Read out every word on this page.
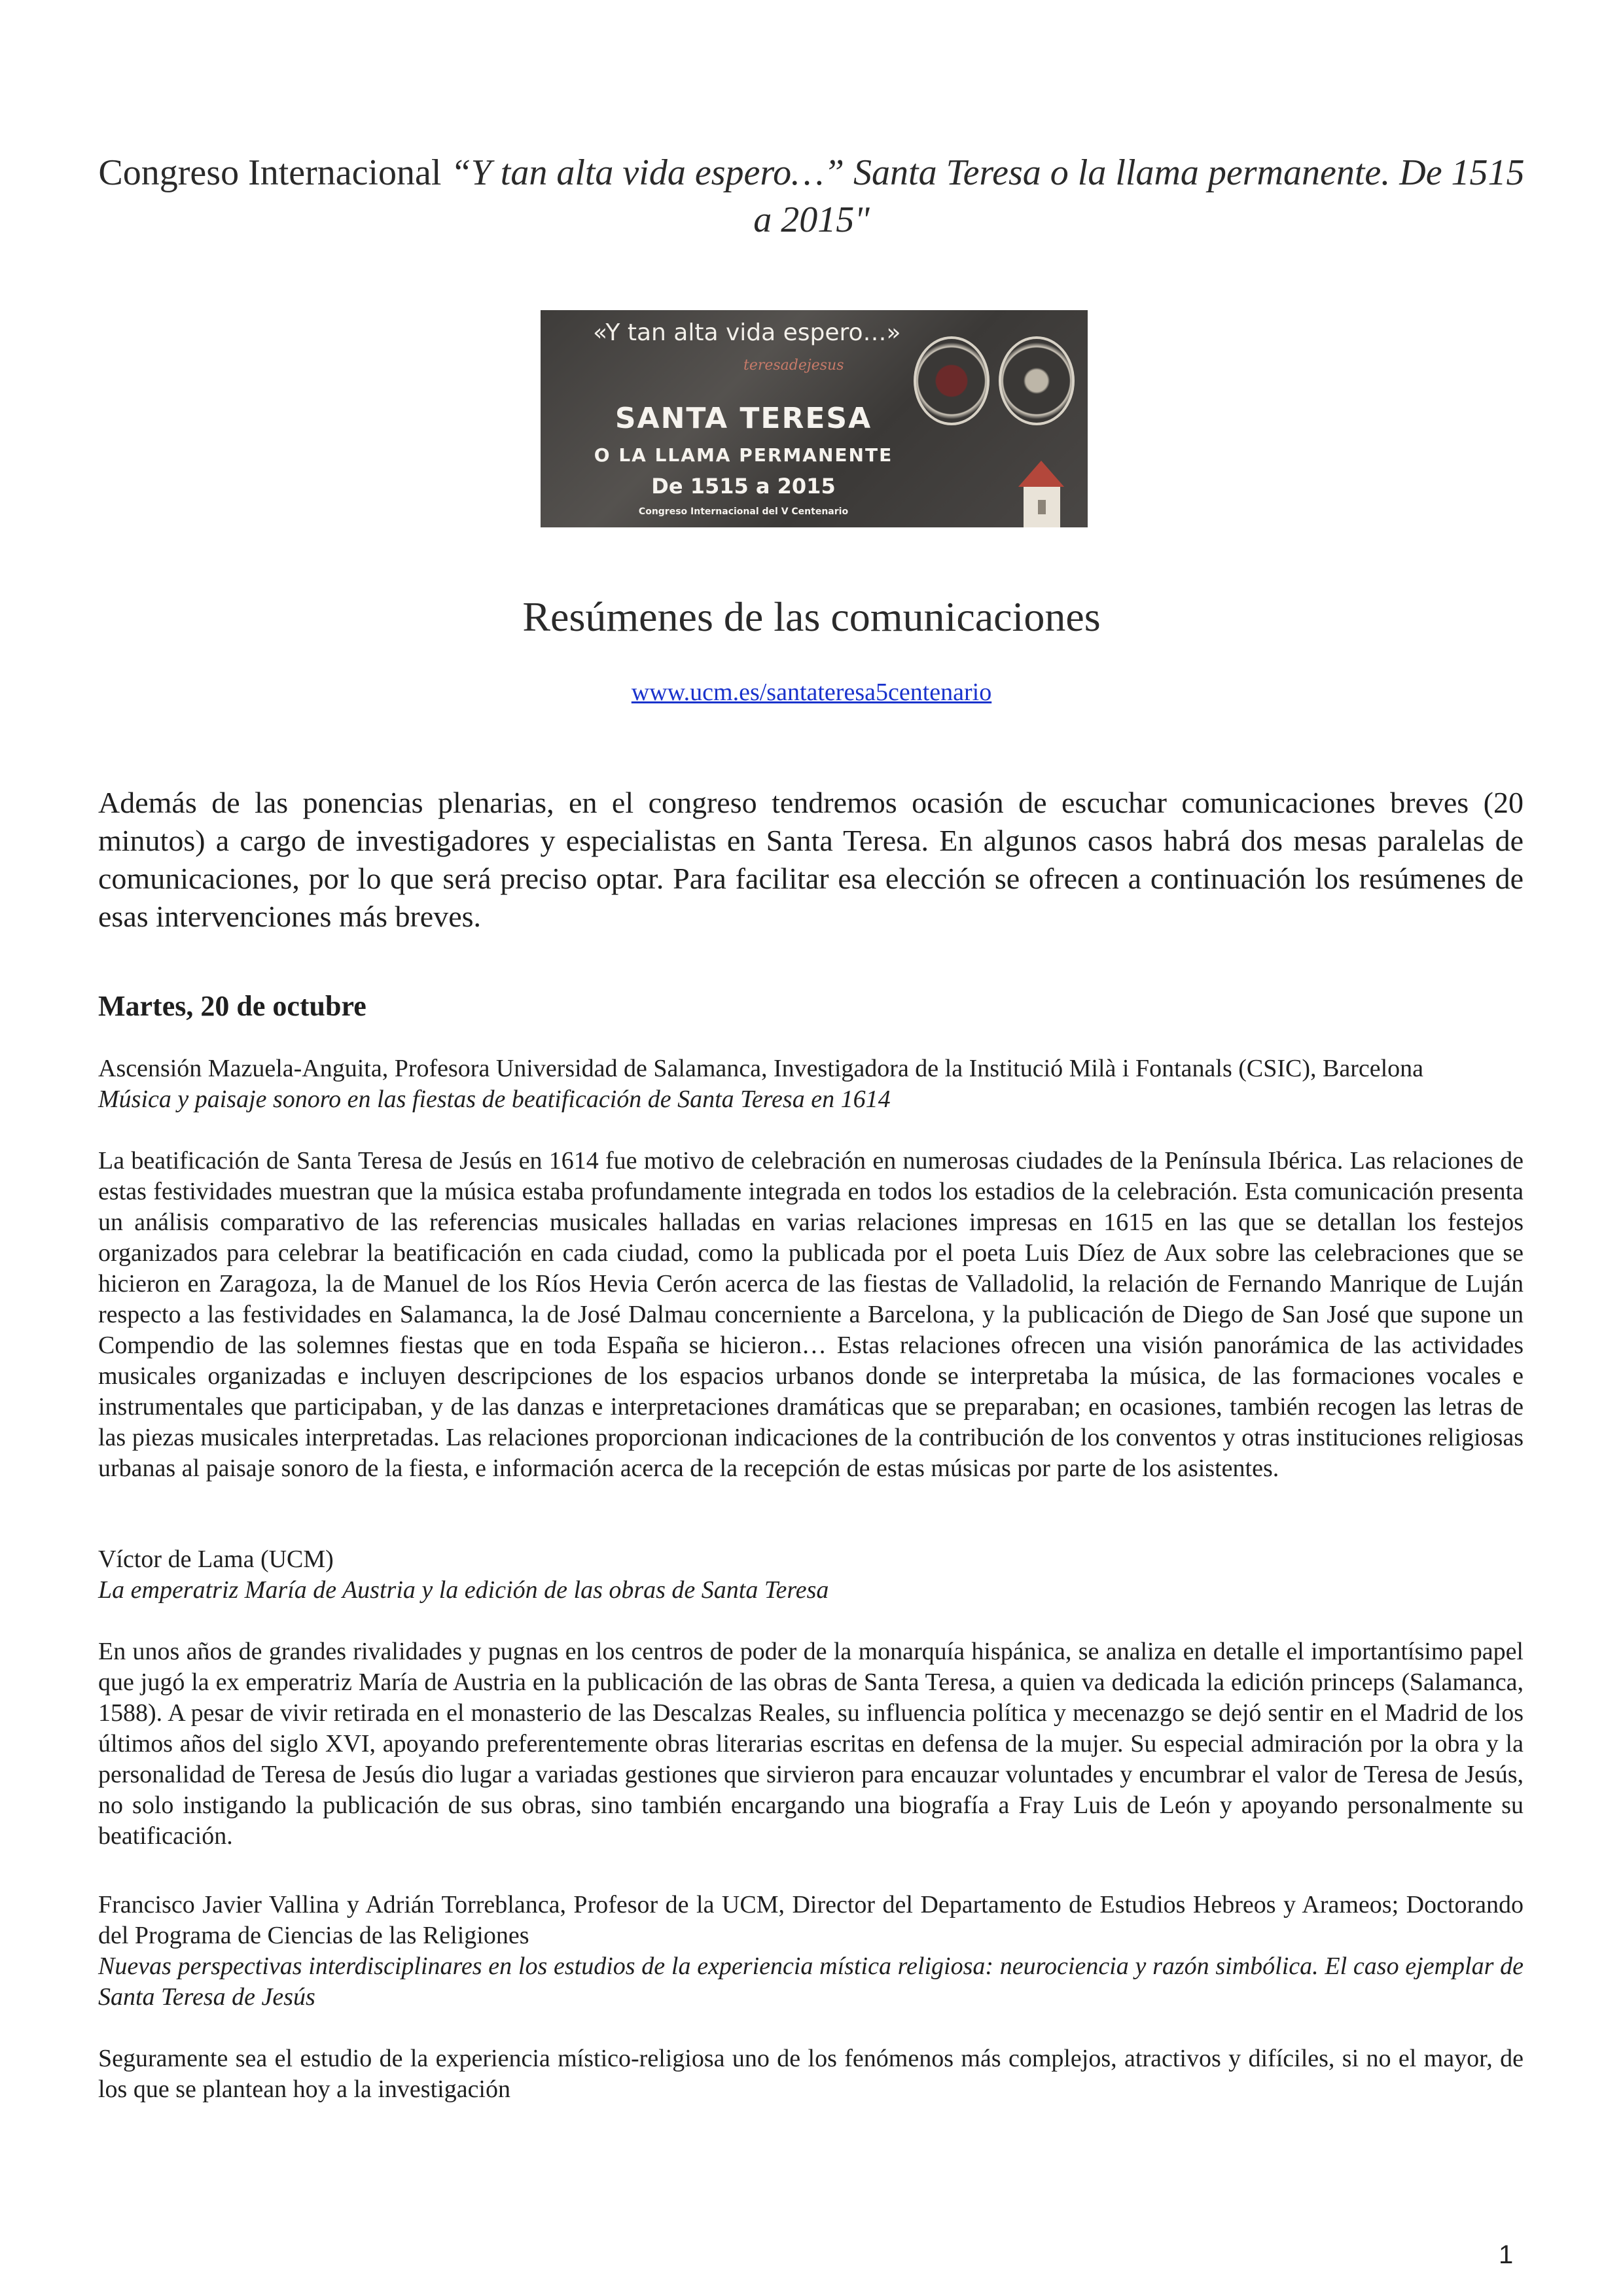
Congreso Internacional “Y tan alta vida espero…” Santa Teresa o la llama permanente. De 1515 a 2015"
«Y tan alta vida espero…»
teresadejesus
SANTA TERESA
O LA LLAMA PERMANENTE
De 1515 a 2015
Congreso Internacional del V Centenario
Resúmenes de las comunicaciones
www.ucm.es/santateresa5centenario
Además de las ponencias plenarias, en el congreso tendremos ocasión de escuchar comunicaciones breves (20 minutos) a cargo de investigadores y especialistas en Santa Teresa. En algunos casos habrá dos mesas paralelas de comunicaciones, por lo que será preciso optar. Para facilitar esa elección se ofrecen a continuación los resúmenes de esas intervenciones más breves.
Martes, 20 de octubre

Ascensión Mazuela-Anguita, Profesora Universidad de Salamanca, Investigadora de la Institució Milà i Fontanals (CSIC), Barcelona

Música y paisaje sonoro en las fiestas de beatificación de Santa Teresa en 1614

La beatificación de Santa Teresa de Jesús en 1614 fue motivo de celebración en numerosas ciudades de la Península Ibérica. Las relaciones de estas festividades muestran que la música estaba profundamente integrada en todos los estadios de la celebración. Esta comunicación presenta un análisis comparativo de las referencias musicales halladas en varias relaciones impresas en 1615 en las que se detallan los festejos organizados para celebrar la beatificación en cada ciudad, como la publicada por el poeta Luis Díez de Aux sobre las celebraciones que se hicieron en Zaragoza, la de Manuel de los Ríos Hevia Cerón acerca de las fiestas de Valladolid, la relación de Fernando Manrique de Luján respecto a las festividades en Salamanca, la de José Dalmau concerniente a Barcelona, y la publicación de Diego de San José que supone un Compendio de las solemnes fiestas que en toda España se hicieron… Estas relaciones ofrecen una visión panorámica de las actividades musicales organizadas e incluyen descripciones de los espacios urbanos donde se interpretaba la música, de las formaciones vocales e instrumentales que participaban, y de las danzas e interpretaciones dramáticas que se preparaban; en ocasiones, también recogen las letras de las piezas musicales interpretadas. Las relaciones proporcionan indicaciones de la contribución de los conventos y otras instituciones religiosas urbanas al paisaje sonoro de la fiesta, e información acerca de la recepción de estas músicas por parte de los asistentes.

Víctor de Lama (UCM)

La emperatriz María de Austria y la edición de las obras de Santa Teresa

En unos años de grandes rivalidades y pugnas en los centros de poder de la monarquía hispánica, se analiza en detalle el importantísimo papel que jugó la ex emperatriz María de Austria en la publicación de las obras de Santa Teresa, a quien va dedicada la edición princeps (Salamanca, 1588). A pesar de vivir retirada en el monasterio de las Descalzas Reales, su influencia política y mecenazgo se dejó sentir en el Madrid de los últimos años del siglo XVI, apoyando preferentemente obras literarias escritas en defensa de la mujer. Su especial admiración por la obra y la personalidad de Teresa de Jesús dio lugar a variadas gestiones que sirvieron para encauzar voluntades y encumbrar el valor de Teresa de Jesús, no solo instigando la publicación de sus obras, sino también encargando una biografía a Fray Luis de León y apoyando personalmente su beatificación.

Francisco Javier Vallina y Adrián Torreblanca, Profesor de la UCM, Director del Departamento de Estudios Hebreos y Arameos; Doctorando del Programa de Ciencias de las Religiones

Nuevas perspectivas interdisciplinares en los estudios de la experiencia mística religiosa: neurociencia y razón simbólica. El caso ejemplar de Santa Teresa de Jesús

Seguramente sea el estudio de la experiencia místico-religiosa uno de los fenómenos más complejos, atractivos y difíciles, si no el mayor, de los que se plantean hoy a la investigación

1
